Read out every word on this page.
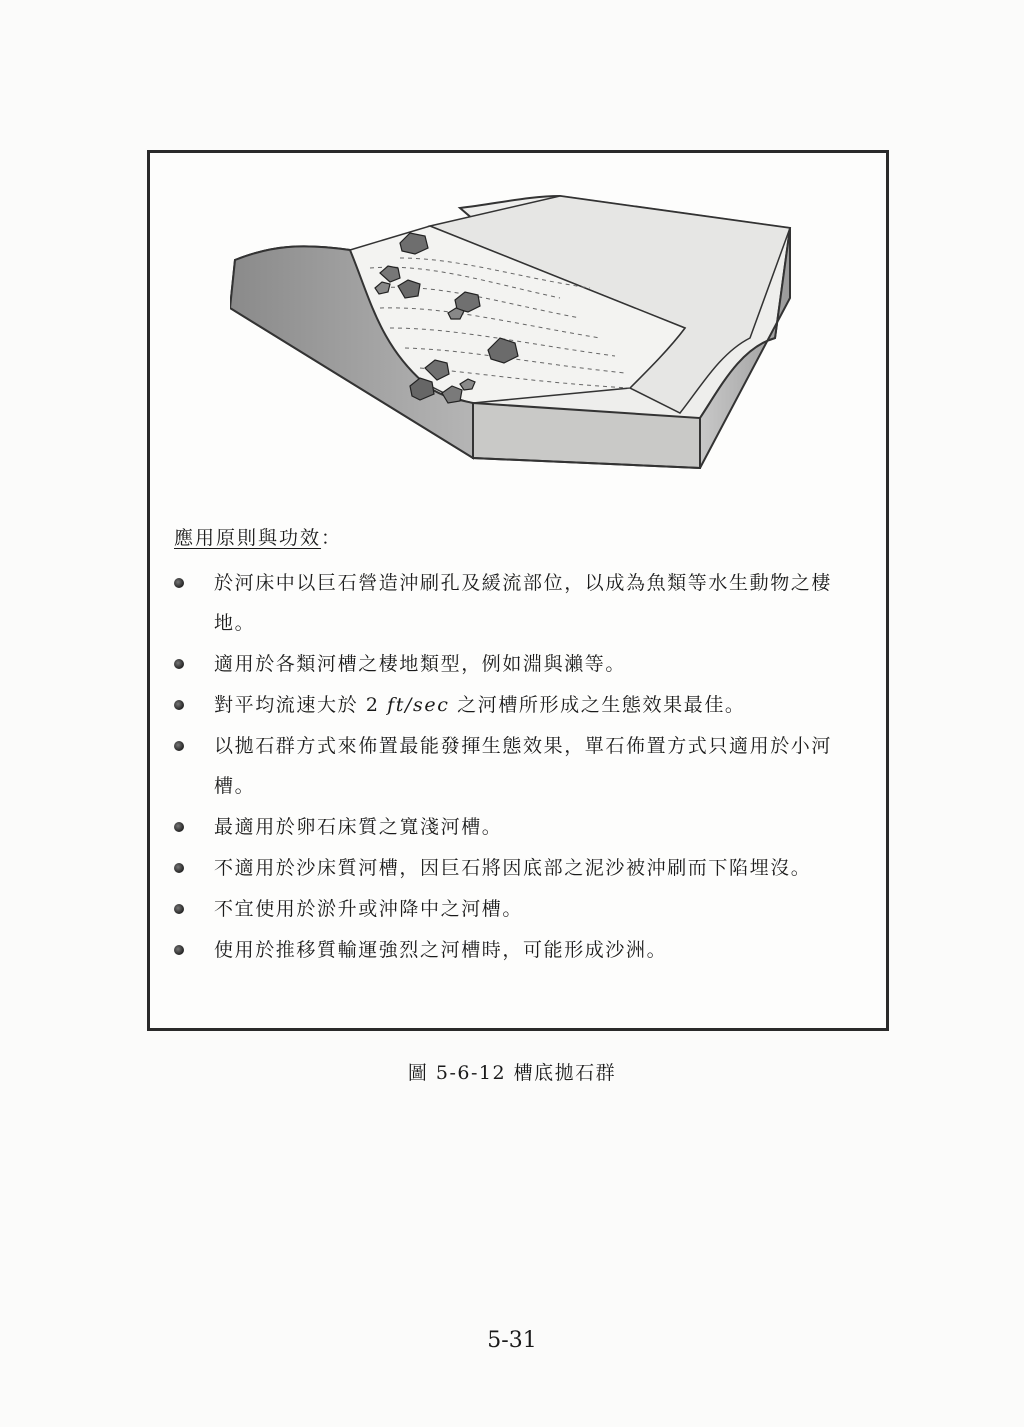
應用原則與功效：
於河床中以巨石營造沖刷孔及緩流部位，以成為魚類等水生動物之棲地。
適用於各類河槽之棲地類型，例如淵與瀨等。
對平均流速大於 2 ft/sec 之河槽所形成之生態效果最佳。
以拋石群方式來佈置最能發揮生態效果，單石佈置方式只適用於小河槽。
最適用於卵石床質之寬淺河槽。
不適用於沙床質河槽，因巨石將因底部之泥沙被沖刷而下陷埋沒。
不宜使用於淤升或沖降中之河槽。
使用於推移質輸運強烈之河槽時，可能形成沙洲。
圖 5-6-12 槽底拋石群
5-31
